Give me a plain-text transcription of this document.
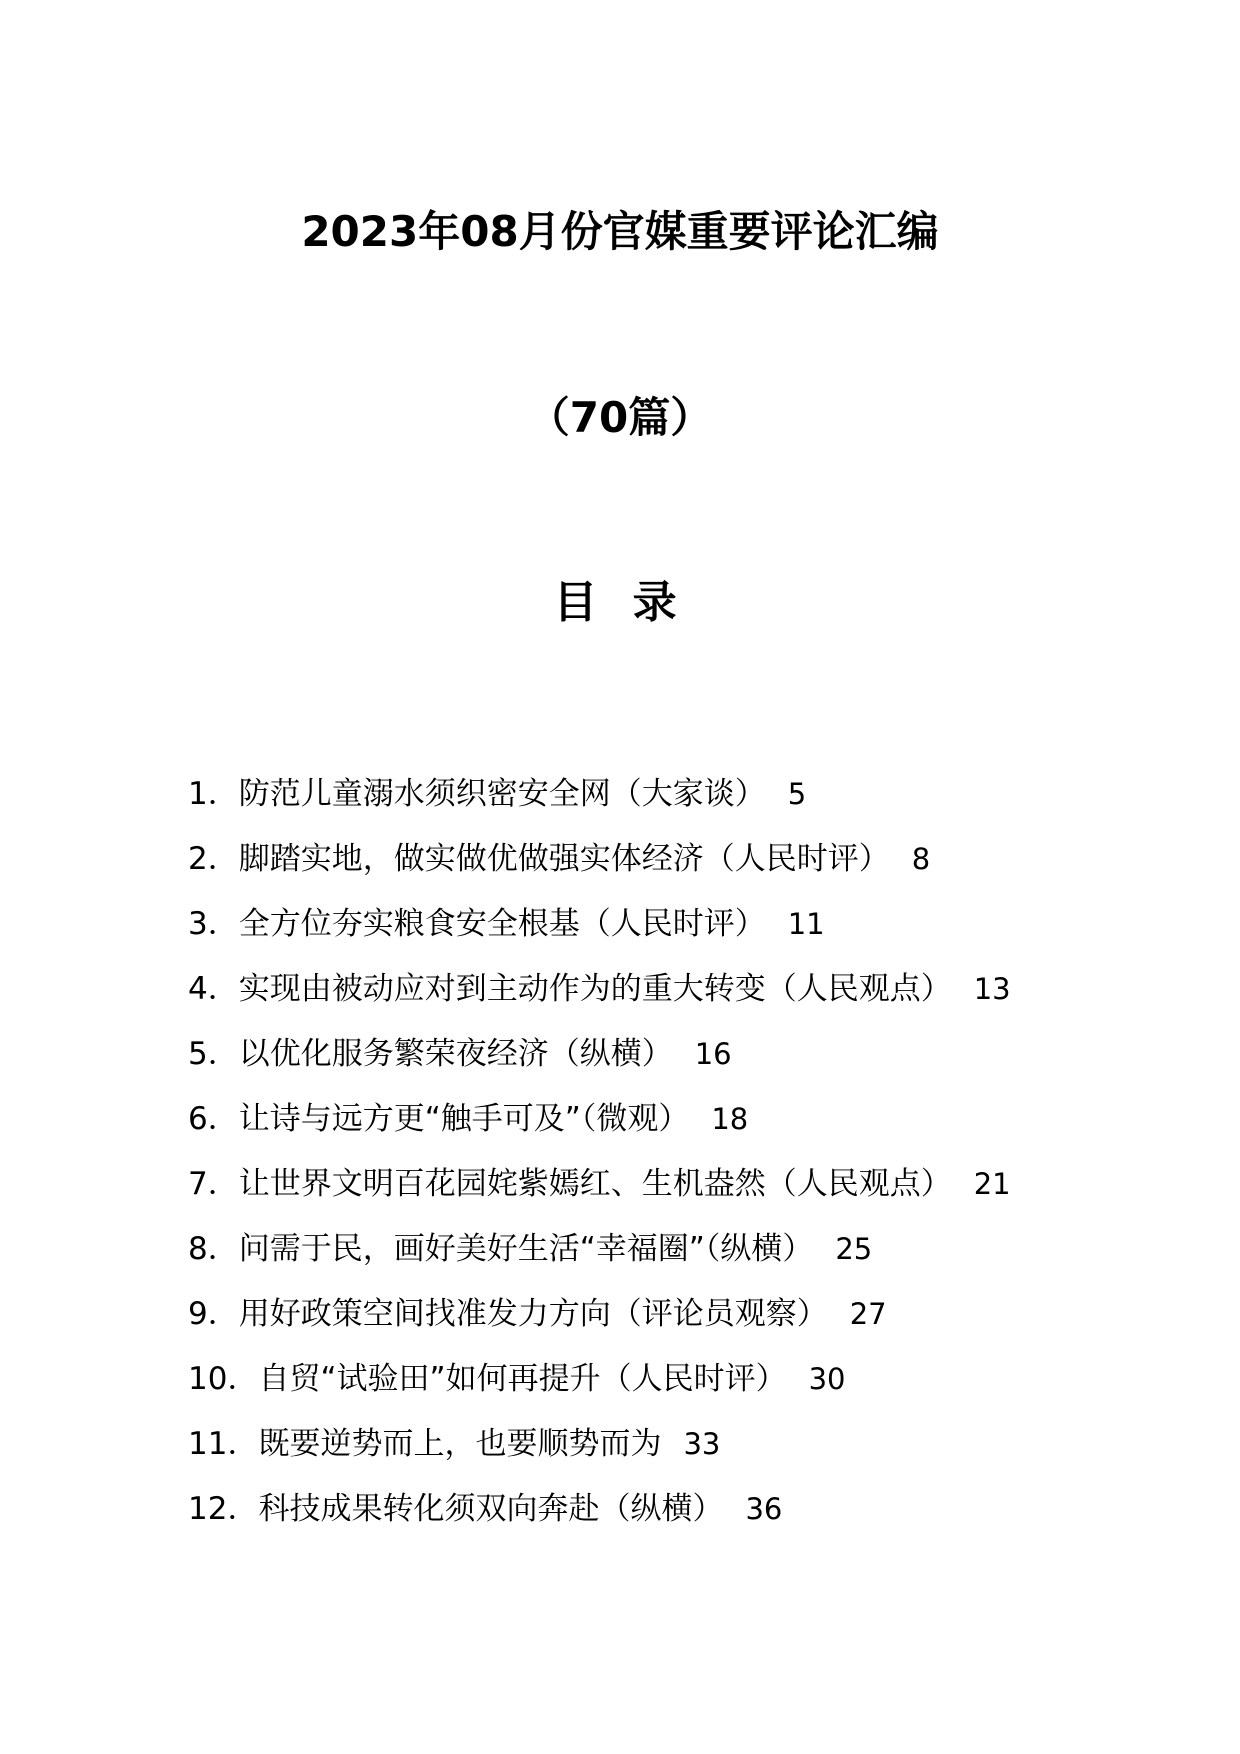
2023年08月份官媒重要评论汇编
（70篇）
目 录
1．防范儿童溺水须织密安全网（大家谈） 5
2．脚踏实地，做实做优做强实体经济（人民时评） 8
3．全方位夯实粮食安全根基（人民时评） 11
4．实现由被动应对到主动作为的重大转变（人民观点） 13
5．以优化服务繁荣夜经济（纵横） 16
6．让诗与远方更“触手可及”（微观） 18
7．让世界文明百花园姹紫嫣红、生机盎然（人民观点） 21
8．问需于民，画好美好生活“幸福圈”（纵横） 25
9．用好政策空间找准发力方向（评论员观察） 27
10．自贸“试验田”如何再提升（人民时评） 30
11．既要逆势而上，也要顺势而为 33
12．科技成果转化须双向奔赴（纵横） 36
